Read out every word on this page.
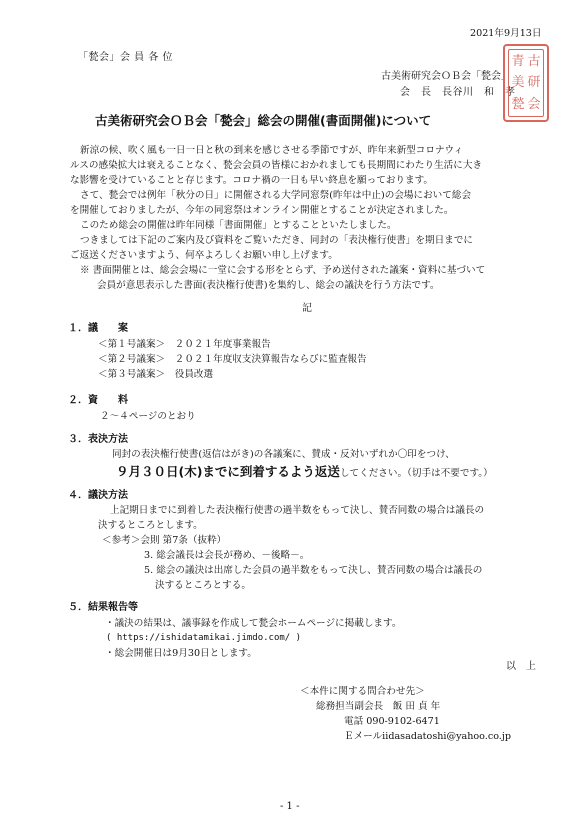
2021年9月13日
「甃会」会 員 各 位
古美術研究会ＯＢ会「甃会」
会　長　長谷川　和　孝
青 古
美 研
甃 会
古美術研究会ＯＢ会「甃会」総会の開催(書面開催)について
新涼の候、吹く風も一日一日と秋の到来を感じさせる季節ですが、昨年来新型コロナウィ
ルスの感染拡大は衰えることなく、甃会会員の皆様におかれましても長期間にわたり生活に大き
な影響を受けていることと存じます。コロナ禍の一日も早い終息を願っております。
さて、甃会では例年「秋分の日」に開催される大学同窓祭(昨年は中止)の会場において総会
を開催しておりましたが、今年の同窓祭はオンライン開催とすることが決定されました。
このため総会の開催は昨年同様「書面開催」とすることといたしました。
つきましては下記のご案内及び資料をご覧いただき、同封の「表決権行使書」を期日までに
ご返送くださいますよう、何卒よろしくお願い申し上げます。
※ 書面開催とは、総会会場に一堂に会する形をとらず、予め送付された議案・資料に基づいて
会員が意思表示した書面(表決権行使書)を集約し、総会の議決を行う方法です。
記
１．議　　案
＜第１号議案＞　２０２１年度事業報告
＜第２号議案＞　２０２１年度収支決算報告ならびに監査報告
＜第３号議案＞　役員改選
２．資　　料
２～４ページのとおり
３．表決方法
同封の表決権行使書(返信はがき)の各議案に、賛成・反対いずれか〇印をつけ、
９月３０日(木)までに到着するよう返送してください。（切手は不要です。）
４．議決方法
上記期日までに到着した表決権行使書の過半数をもって決し、賛否同数の場合は議長の
決するところとします。
＜参考＞会則 第7条（抜粋）
3. 総会議長は会長が務め、－後略－。
5. 総会の議決は出席した会員の過半数をもって決し、賛否同数の場合は議長の
決するところとする。
５．結果報告等
・議決の結果は、議事録を作成して甃会ホームページに掲載します。
( https://ishidatamikai.jimdo.com/ )
・総会開催日は9月30日とします。
以　上
＜本件に関する問合わせ先＞
総務担当副会長　飯 田 貞 年
電話 090-9102-6471
Ｅメールiidasadatoshi@yahoo.co.jp
- 1 -
